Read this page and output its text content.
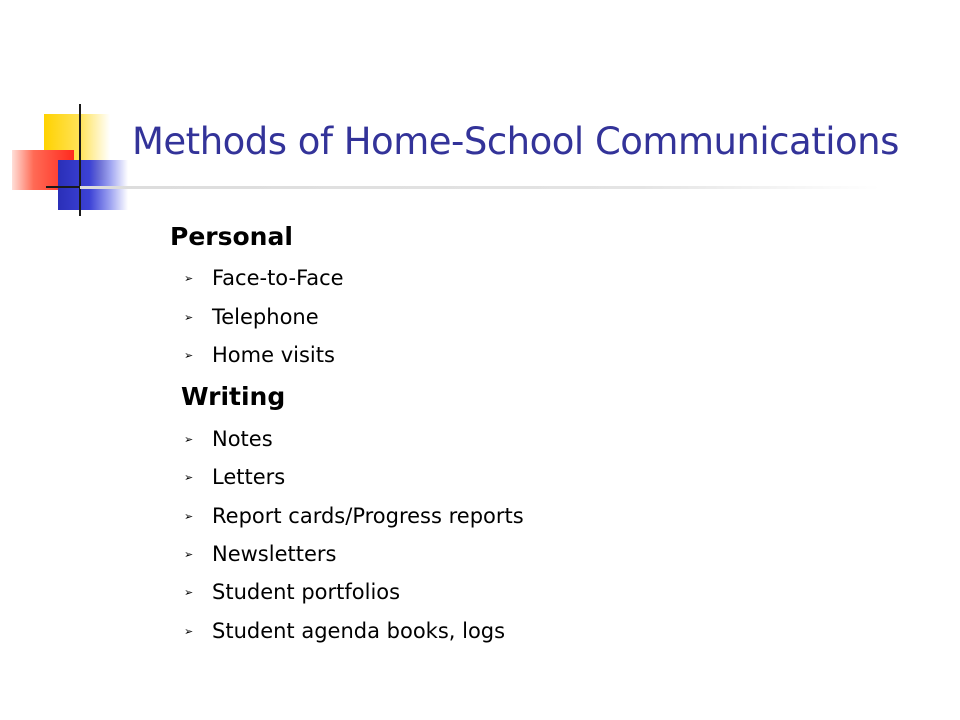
Methods of Home-School Communications
Personal
➢ Face-to-Face
➢ Telephone
➢ Home visits
Writing
➢ Notes
➢ Letters
➢ Report cards/Progress reports
➢ Newsletters
➢ Student portfolios
➢ Student agenda books, logs
